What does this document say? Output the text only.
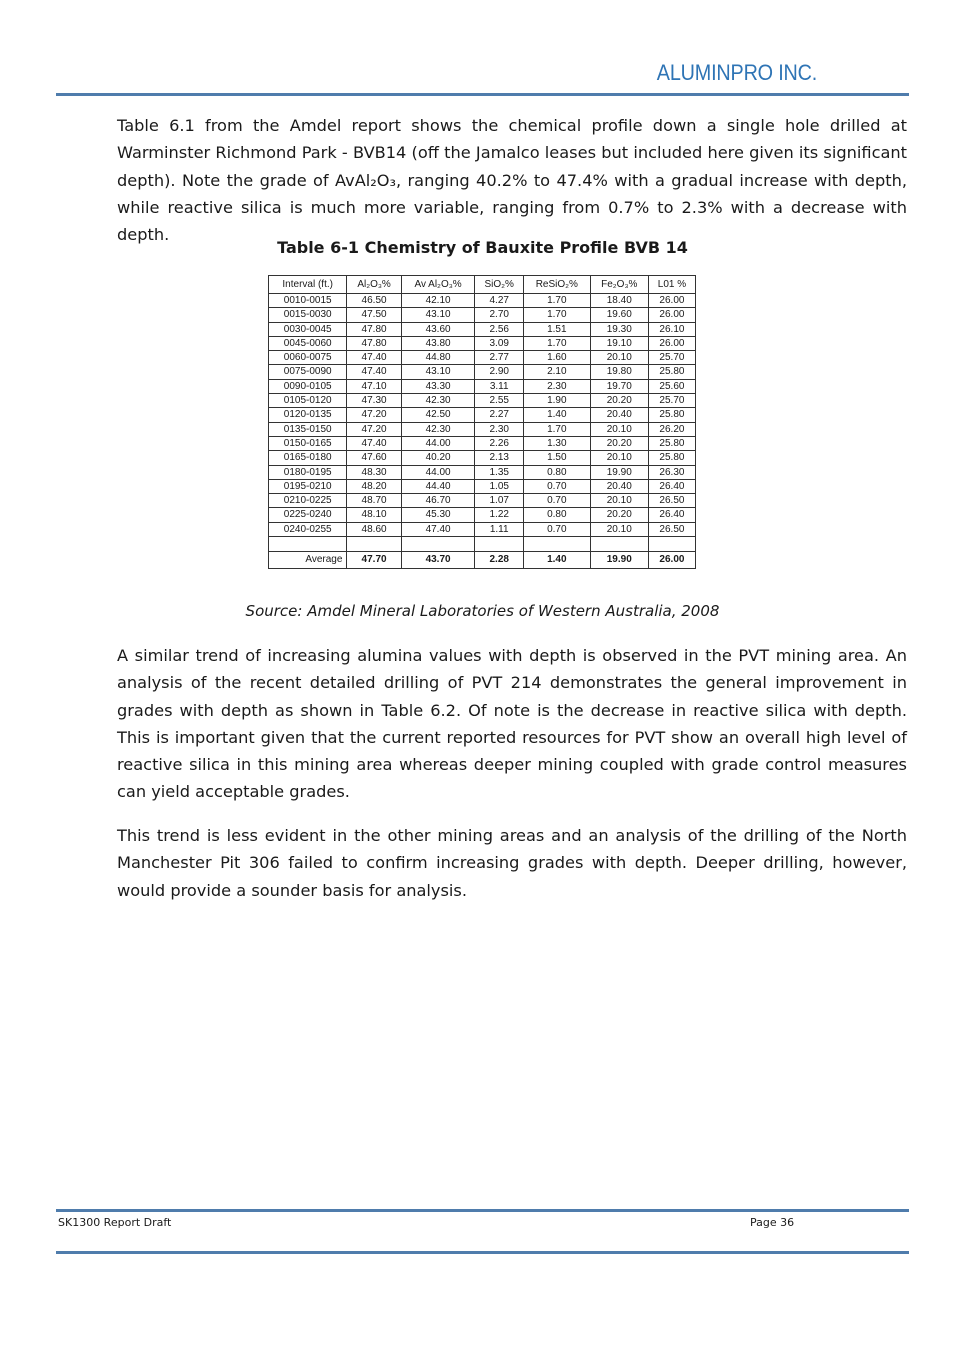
ALUMINPRO INC.

Table 6.1 from the Amdel report shows the chemical profile down a single hole drilled at Warminster Richmond Park - BVB14 (off the Jamalco leases but included here given its significant depth). Note the grade of AvAl₂O₃, ranging 40.2% to 47.4% with a gradual increase with depth, while reactive silica is much more variable, ranging from 0.7% to 2.3% with a decrease with depth.

Table 6-1 Chemistry of Bauxite Profile BVB 14
Interval (ft.)	Al₂O₃%	Av Al₂O₃%	SiO₂%	ReSiO₂%	Fe₂O₃%	L01 %
0010-0015	46.50	42.10	4.27	1.70	18.40	26.00
0015-0030	47.50	43.10	2.70	1.70	19.60	26.00
0030-0045	47.80	43.60	2.56	1.51	19.30	26.10
0045-0060	47.80	43.80	3.09	1.70	19.10	26.00
0060-0075	47.40	44.80	2.77	1.60	20.10	25.70
0075-0090	47.40	43.10	2.90	2.10	19.80	25.80
0090-0105	47.10	43.30	3.11	2.30	19.70	25.60
0105-0120	47.30	42.30	2.55	1.90	20.20	25.70
0120-0135	47.20	42.50	2.27	1.40	20.40	25.80
0135-0150	47.20	42.30	2.30	1.70	20.10	26.20
0150-0165	47.40	44.00	2.26	1.30	20.20	25.80
0165-0180	47.60	40.20	2.13	1.50	20.10	25.80
0180-0195	48.30	44.00	1.35	0.80	19.90	26.30
0195-0210	48.20	44.40	1.05	0.70	20.40	26.40
0210-0225	48.70	46.70	1.07	0.70	20.10	26.50
0225-0240	48.10	45.30	1.22	0.80	20.20	26.40
0240-0255	48.60	47.40	1.11	0.70	20.10	26.50

Average	47.70	43.70	2.28	1.40	19.90	26.00
Source: Amdel Mineral Laboratories of Western Australia, 2008

A similar trend of increasing alumina values with depth is observed in the PVT mining area. An analysis of the recent detailed drilling of PVT 214 demonstrates the general improvement in grades with depth as shown in Table 6.2. Of note is the decrease in reactive silica with depth. This is important given that the current reported resources for PVT show an overall high level of reactive silica in this mining area whereas deeper mining coupled with grade control measures can yield acceptable grades.

This trend is less evident in the other mining areas and an analysis of the drilling of the North Manchester Pit 306 failed to confirm increasing grades with depth. Deeper drilling, however, would provide a sounder basis for analysis.

SK1300 Report Draft	Page 36
